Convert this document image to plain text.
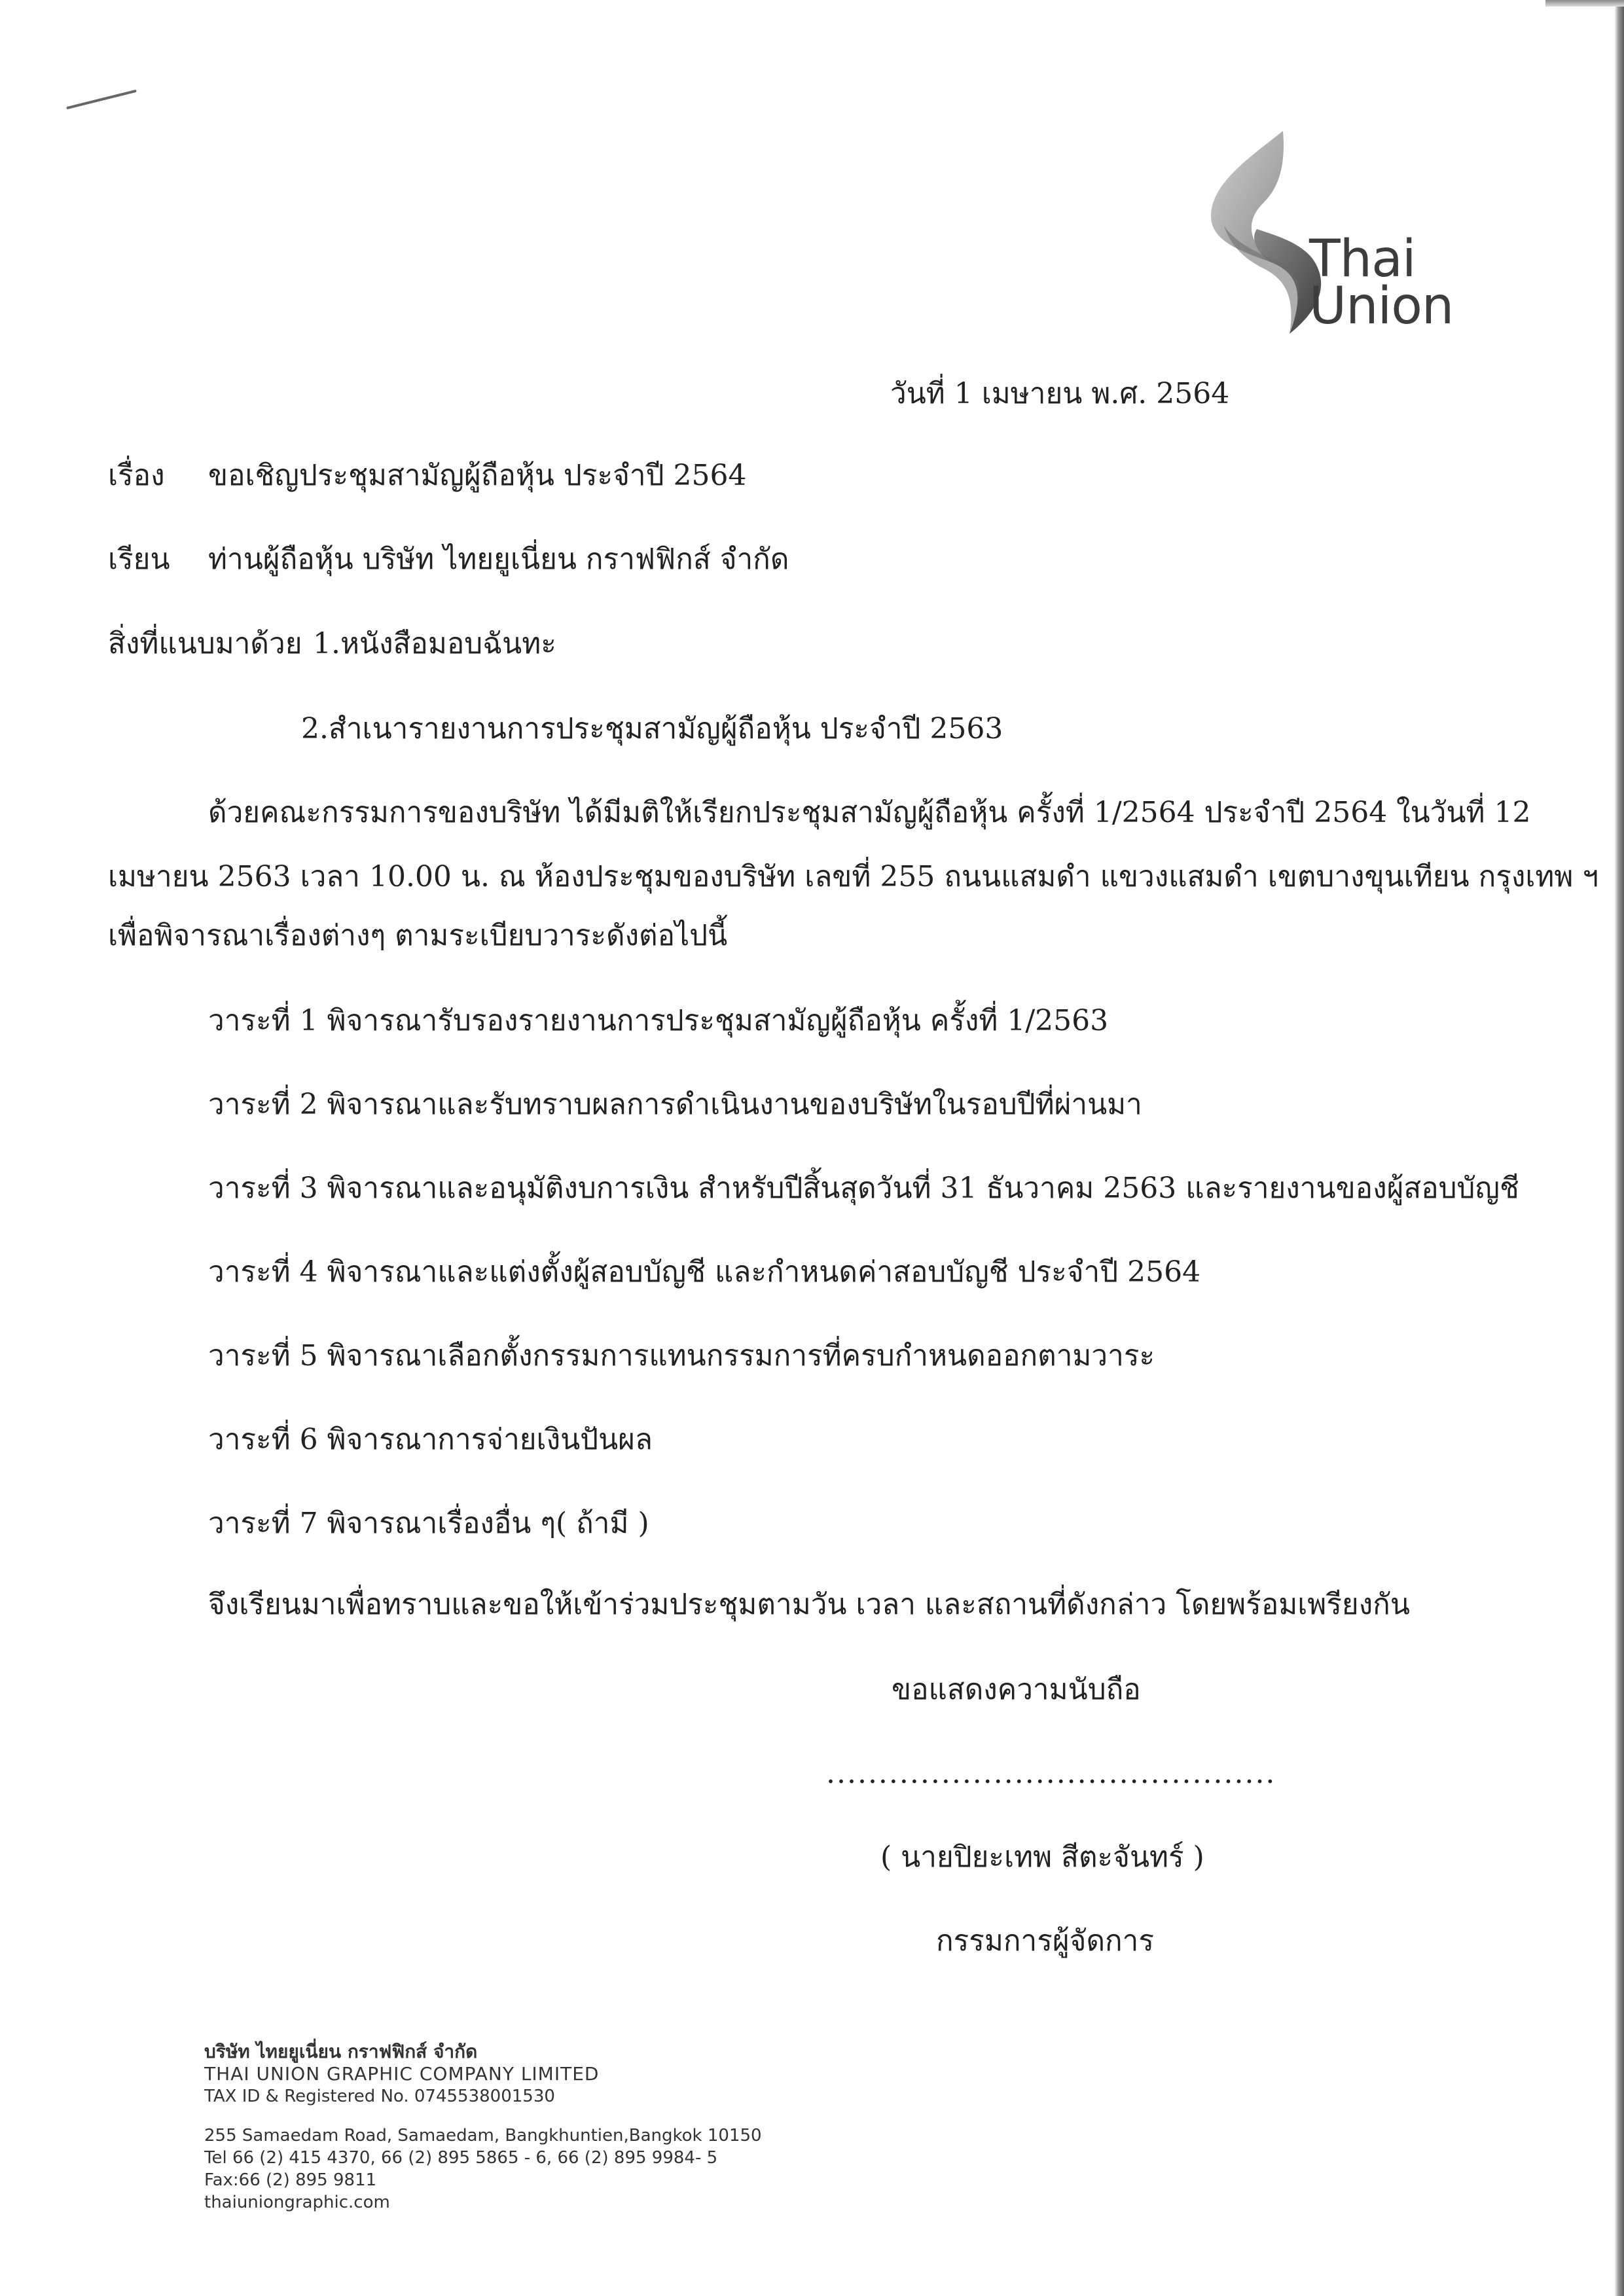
Thai
Union
วันที่ 1 เมษายน พ.ศ. 2564
เรื่อง ขอเชิญประชุมสามัญผู้ถือหุ้น ประจำปี 2564
เรียน ท่านผู้ถือหุ้น บริษัท ไทยยูเนี่ยน กราฟฟิกส์ จำกัด
สิ่งที่แนบมาด้วย 1.หนังสือมอบฉันทะ
2.สำเนารายงานการประชุมสามัญผู้ถือหุ้น ประจำปี 2563
ด้วยคณะกรรมการของบริษัท ได้มีมติให้เรียกประชุมสามัญผู้ถือหุ้น ครั้งที่ 1/2564 ประจำปี 2564 ในวันที่ 12
เมษายน 2563 เวลา 10.00 น. ณ ห้องประชุมของบริษัท เลขที่ 255 ถนนแสมดำ แขวงแสมดำ เขตบางขุนเทียน กรุงเทพ ฯ
เพื่อพิจารณาเรื่องต่างๆ ตามระเบียบวาระดังต่อไปนี้
วาระที่ 1 พิจารณารับรองรายงานการประชุมสามัญผู้ถือหุ้น ครั้งที่ 1/2563
วาระที่ 2 พิจารณาและรับทราบผลการดำเนินงานของบริษัทในรอบปีที่ผ่านมา
วาระที่ 3 พิจารณาและอนุมัติงบการเงิน สำหรับปีสิ้นสุดวันที่ 31 ธันวาคม 2563 และรายงานของผู้สอบบัญชี
วาระที่ 4 พิจารณาและแต่งตั้งผู้สอบบัญชี และกำหนดค่าสอบบัญชี ประจำปี 2564
วาระที่ 5 พิจารณาเลือกตั้งกรรมการแทนกรรมการที่ครบกำหนดออกตามวาระ
วาระที่ 6 พิจารณาการจ่ายเงินปันผล
วาระที่ 7 พิจารณาเรื่องอื่น ๆ( ถ้ามี )
จึงเรียนมาเพื่อทราบและขอให้เข้าร่วมประชุมตามวัน เวลา และสถานที่ดังกล่าว โดยพร้อมเพรียงกัน
ขอแสดงความนับถือ
...........................................
( นายปิยะเทพ สีตะจันทร์ )
กรรมการผู้จัดการ
บริษัท ไทยยูเนี่ยน กราฟฟิกส์ จำกัด
THAI UNION GRAPHIC COMPANY LIMITED
TAX ID & Registered No. 0745538001530
255 Samaedam Road, Samaedam, Bangkhuntien,Bangkok 10150
Tel 66 (2) 415 4370, 66 (2) 895 5865 - 6, 66 (2) 895 9984- 5
Fax:66 (2) 895 9811
thaiuniongraphic.com
